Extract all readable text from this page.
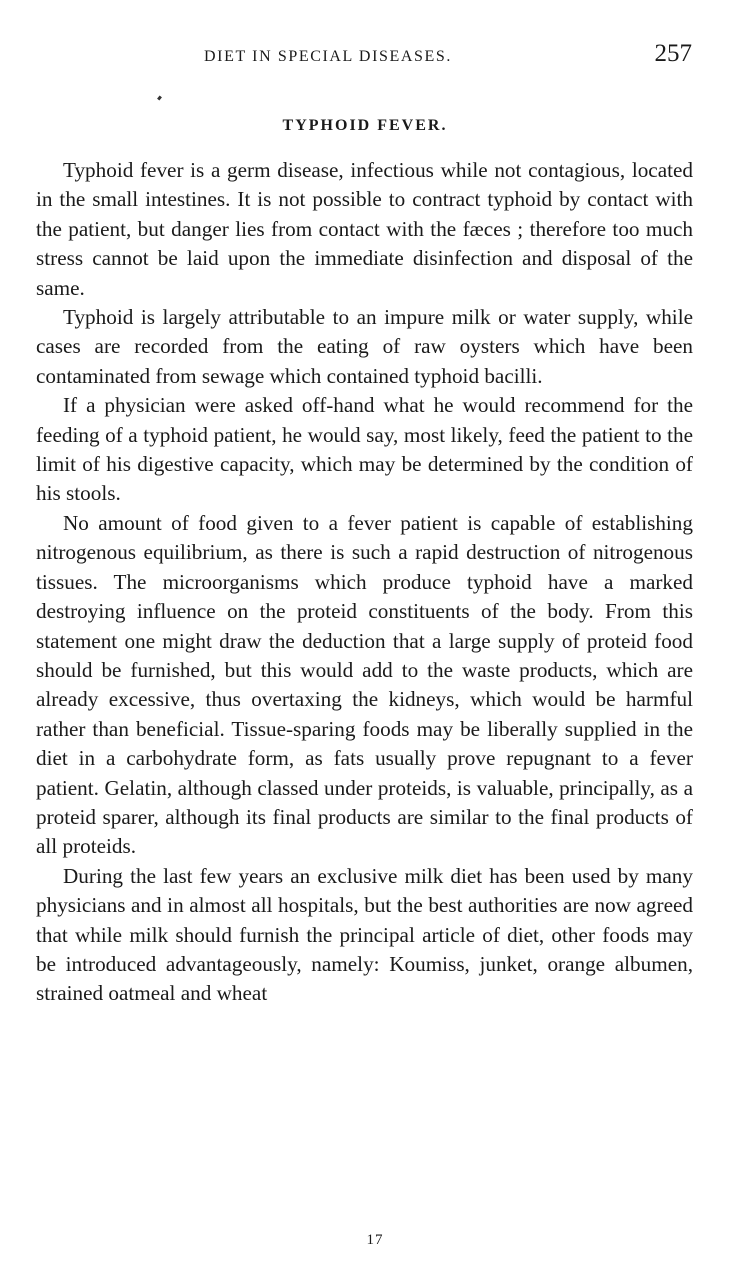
DIET IN SPECIAL DISEASES.	257
TYPHOID FEVER.

Typhoid fever is a germ disease, infectious while not contagious, located in the small intestines. It is not possible to contract typhoid by contact with the patient, but danger lies from contact with the fæces ; therefore too much stress cannot be laid upon the immediate disinfection and disposal of the same.

Typhoid is largely attributable to an impure milk or water supply, while cases are recorded from the eating of raw oysters which have been contaminated from sewage which contained typhoid bacilli.

If a physician were asked off-hand what he would recommend for the feeding of a typhoid patient, he would say, most likely, feed the patient to the limit of his digestive capacity, which may be determined by the condition of his stools.

No amount of food given to a fever patient is capable of establishing nitrogenous equilibrium, as there is such a rapid destruction of nitrogenous tissues. The microorganisms which produce typhoid have a marked destroying influence on the proteid constituents of the body. From this statement one might draw the deduction that a large supply of proteid food should be furnished, but this would add to the waste products, which are already excessive, thus overtaxing the kidneys, which would be harmful rather than beneficial. Tissue-sparing foods may be liberally supplied in the diet in a carbohydrate form, as fats usually prove repugnant to a fever patient. Gelatin, although classed under proteids, is valuable, principally, as a proteid sparer, although its final products are similar to the final products of all proteids.

During the last few years an exclusive milk diet has been used by many physicians and in almost all hospitals, but the best authorities are now agreed that while milk should furnish the principal article of diet, other foods may be introduced advantageously, namely: Koumiss, junket, orange albumen, strained oatmeal and wheat

17
